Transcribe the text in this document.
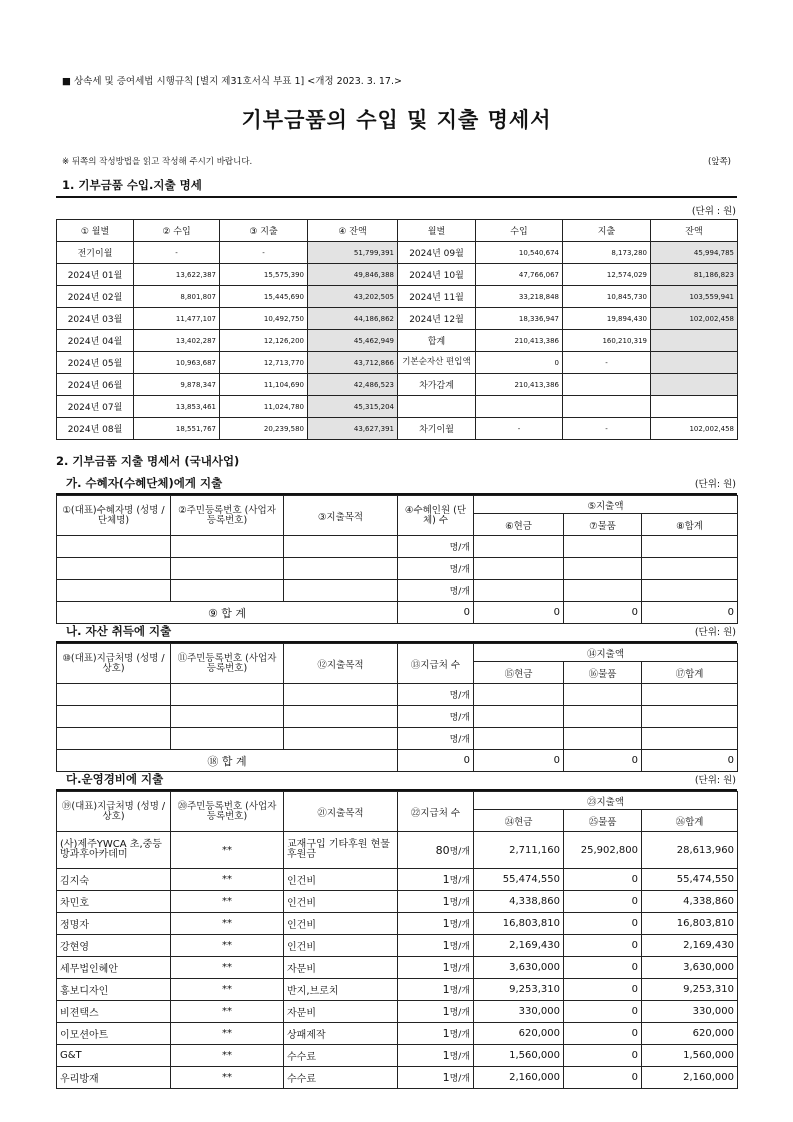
■ 상속세 및 증여세법 시행규칙 [별지 제31호서식 부표 1] <개정 2023. 3. 17.>
기부금품의 수입 및 지출 명세서
※ 뒤쪽의 작성방법을 읽고 작성해 주시기 바랍니다.	(앞쪽)
1. 기부금품 수입.지출 명세
(단위 : 원)
① 월별	② 수입	③ 지출	④ 잔액	월별	수입	지출	잔액
전기이월	-	-	51,799,391	2024년 09월	10,540,674	8,173,280	45,994,785
2024년 01월	13,622,387	15,575,390	49,846,388	2024년 10월	47,766,067	12,574,029	81,186,823
2024년 02월	8,801,807	15,445,690	43,202,505	2024년 11월	33,218,848	10,845,730	103,559,941
2024년 03월	11,477,107	10,492,750	44,186,862	2024년 12월	18,336,947	19,894,430	102,002,458
2024년 04월	13,402,287	12,126,200	45,462,949	합계	210,413,386	160,210,319	
2024년 05월	10,963,687	12,713,770	43,712,866	기본순자산 편입액	0	-	
2024년 06월	9,878,347	11,104,690	42,486,523	차가감계	210,413,386		
2024년 07월	13,853,461	11,024,780	45,315,204				
2024년 08월	18,551,767	20,239,580	43,627,391	차기이월	-	-	102,002,458
2. 기부금품 지출 명세서 (국내사업)
가. 수혜자(수혜단체)에게 지출	(단위: 원)
①(대표)수혜자명 (성명 / 단체명)	②주민등록번호 (사업자등록번호)	③지출목적	④수혜인원 (단체) 수	⑤지출액		
				⑥현금	⑦물품	⑧합계
			명/개			
			명/개			
			명/개			
⑨ 합 계			0	0	0	0
나. 자산 취득에 지출	(단위: 원)
⑩(대표)지급처명 (성명 / 상호)	⑪주민등록번호 (사업자등록번호)	⑫지출목적	⑬지급처 수	⑭지출액		
				⑮현금	⑯물품	⑰합계
			명/개			
			명/개			
			명/개			
⑱ 합 계			0	0	0	0
다.운영경비에 지출	(단위: 원)
⑲(대표)지급처명 (성명 / 상호)	⑳주민등록번호 (사업자등록번호)	㉑지출목적	㉒지급처 수	㉓지출액		
				㉔현금	㉕물품	㉖합계
(사)제주YWCA 초,중등방과후아카데미	**	교재구입 기타후원 현물후원금	80명/개	2,711,160	25,902,800	28,613,960
김지숙	**	인건비	1명/개	55,474,550	0	55,474,550
차민호	**	인건비	1명/개	4,338,860	0	4,338,860
정명자	**	인건비	1명/개	16,803,810	0	16,803,810
강현영	**	인건비	1명/개	2,169,430	0	2,169,430
세무법인혜안	**	자문비	1명/개	3,630,000	0	3,630,000
홍보디자인	**	반지,브로치	1명/개	9,253,310	0	9,253,310
비젼택스	**	자문비	1명/개	330,000	0	330,000
이모션아트	**	상패제작	1명/개	620,000	0	620,000
G&T	**	수수료	1명/개	1,560,000	0	1,560,000
우리방재	**	수수료	1명/개	2,160,000	0	2,160,000
